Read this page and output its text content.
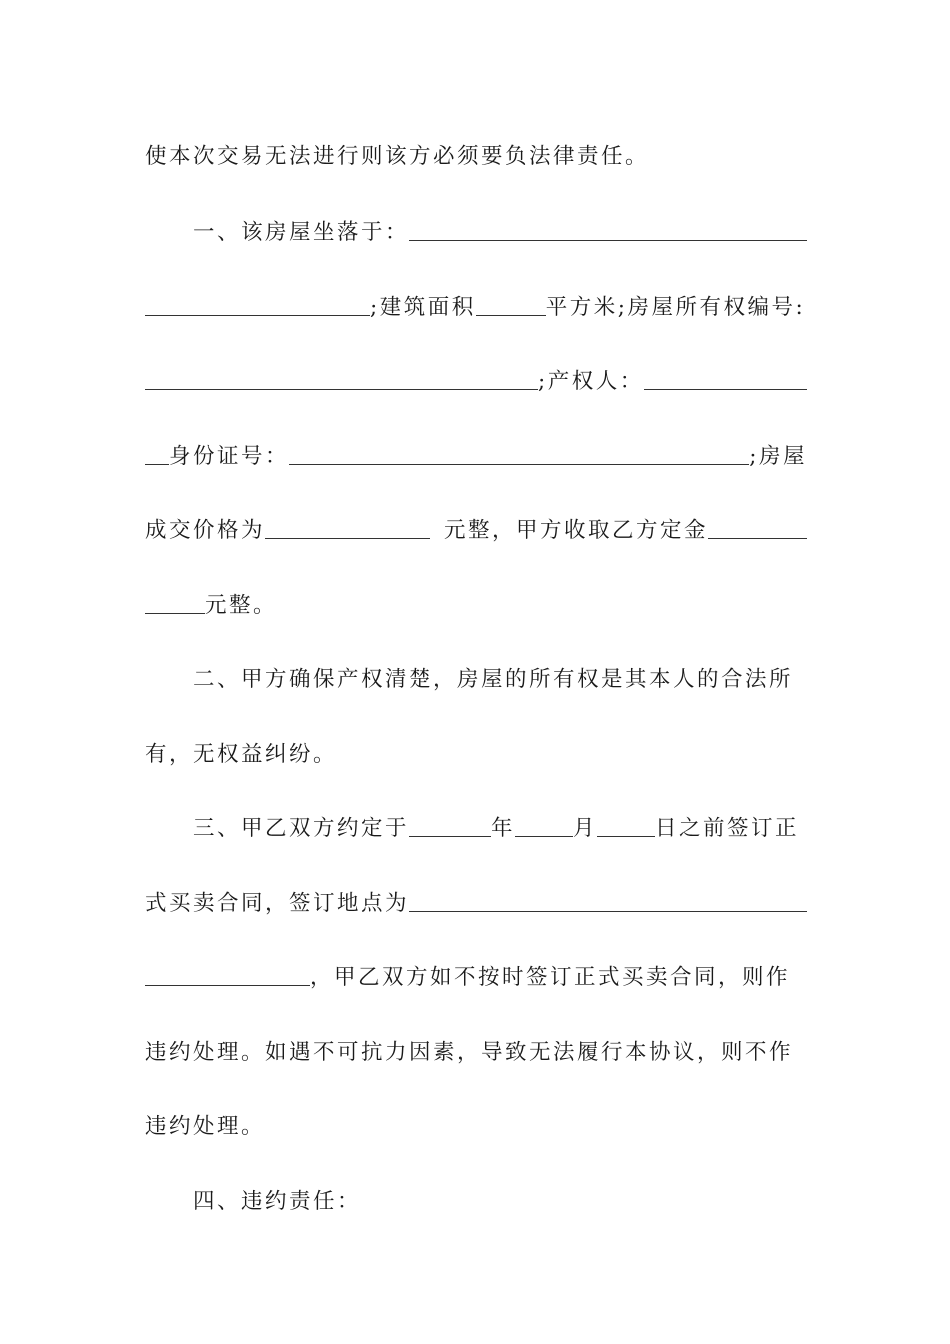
使本次交易无法进行则该方必须要负法律责任。
一、该房屋坐落于：
;建筑面积	平方米;房屋所有权编号:
;产权人：
身份证号：	;房屋
成交价格为	元整，甲方收取乙方定金
元整。
二、甲方确保产权清楚，房屋的所有权是其本人的合法所
有，无权益纠纷。
三、甲乙双方约定于	年	月	日之前签订正
式买卖合同，签订地点为
，甲乙双方如不按时签订正式买卖合同，则作
违约处理。如遇不可抗力因素，导致无法履行本协议，则不作
违约处理。
四、违约责任：
